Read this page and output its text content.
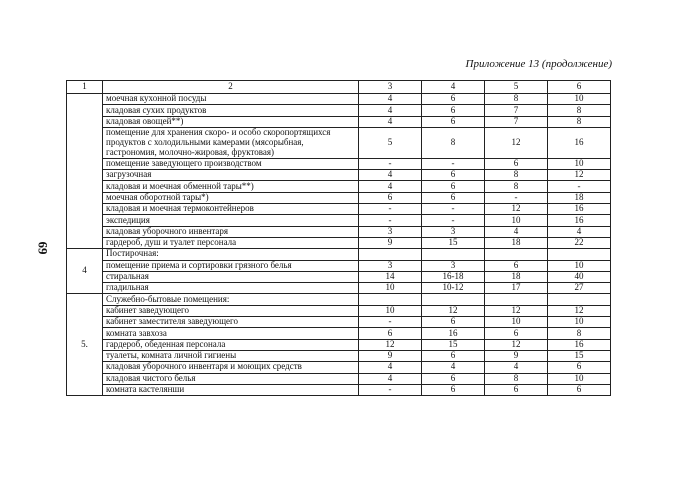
Приложение 13 (продолжение)
69
1	2	3	4	5	6
	моечная кухонной посуды	4	6	8	10
	кладовая сухих продуктов	4	6	7	8
	кладовая овощей**)	4	6	7	8
	помещение для хранения скоро- и особо скоропортящихся продуктов с холодильными камерами (мясорыбная, гастрономия, молочно-жировая, фруктовая)	5	8	12	16
	помещение заведующего производством	-	-	6	10
	загрузочная	4	6	8	12
	кладовая и моечная обменной тары**)	4	6	8	-
	моечная оборотной тары*)	6	6	-	18
	кладовая и моечная термоконтейнеров	-	-	12	16
	экспедиция	-	-	10	16
	кладовая уборочного инвентаря	3	3	4	4
	гардероб, душ и туалет персонала	9	15	18	22
4	Постирочная:				
	помещение приема и сортировки грязного белья	3	3	6	10
	стиральная	14	16-18	18	40
	гладильная	10	10-12	17	27
5.	Служебно-бытовые помещения:				
	кабинет заведующего	10	12	12	12
	кабинет заместителя заведующего	-	6	10	10
	комната завхоза	6	16	6	8
	гардероб, обеденная персонала	12	15	12	16
	туалеты, комната личной гигиены	9	6	9	15
	кладовая уборочного инвентаря и моющих средств	4	4	4	6
	кладовая чистого белья	4	6	8	10
	комната кастелянши	-	6	6	6
